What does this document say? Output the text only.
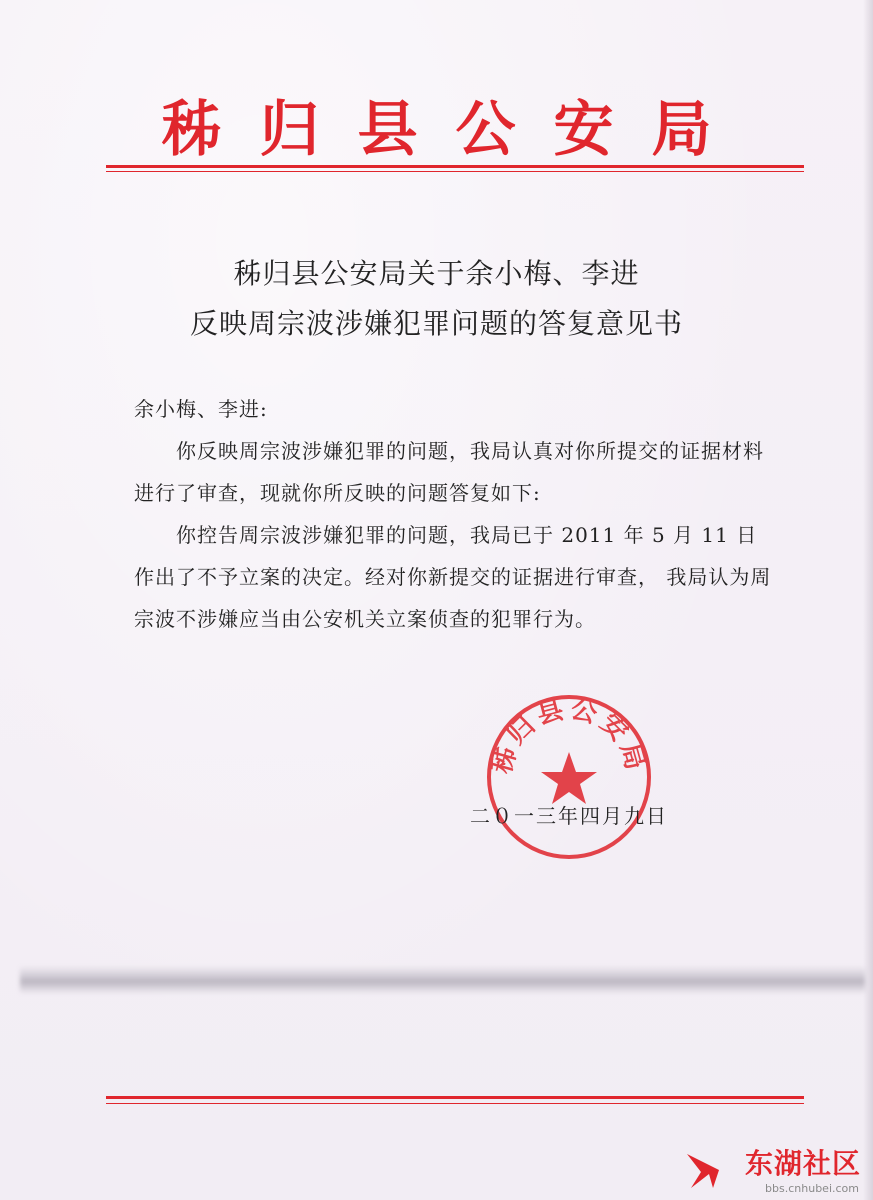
秭归县公安局
秭归县公安局关于余小梅、李进
反映周宗波涉嫌犯罪问题的答复意见书
余小梅、李进:
　　你反映周宗波涉嫌犯罪的问题，我局认真对你所提交的证据材料进行了审查，现就你所反映的问题答复如下:
　　你控告周宗波涉嫌犯罪的问题，我局已于 2011 年 5 月 11 日作出了不予立案的决定。经对你新提交的证据进行审查， 我局认为周宗波不涉嫌应当由公安机关立案侦查的犯罪行为。
秭归县公安局
二０一三年四月九日
东湖社区
bbs.cnhubei.com
